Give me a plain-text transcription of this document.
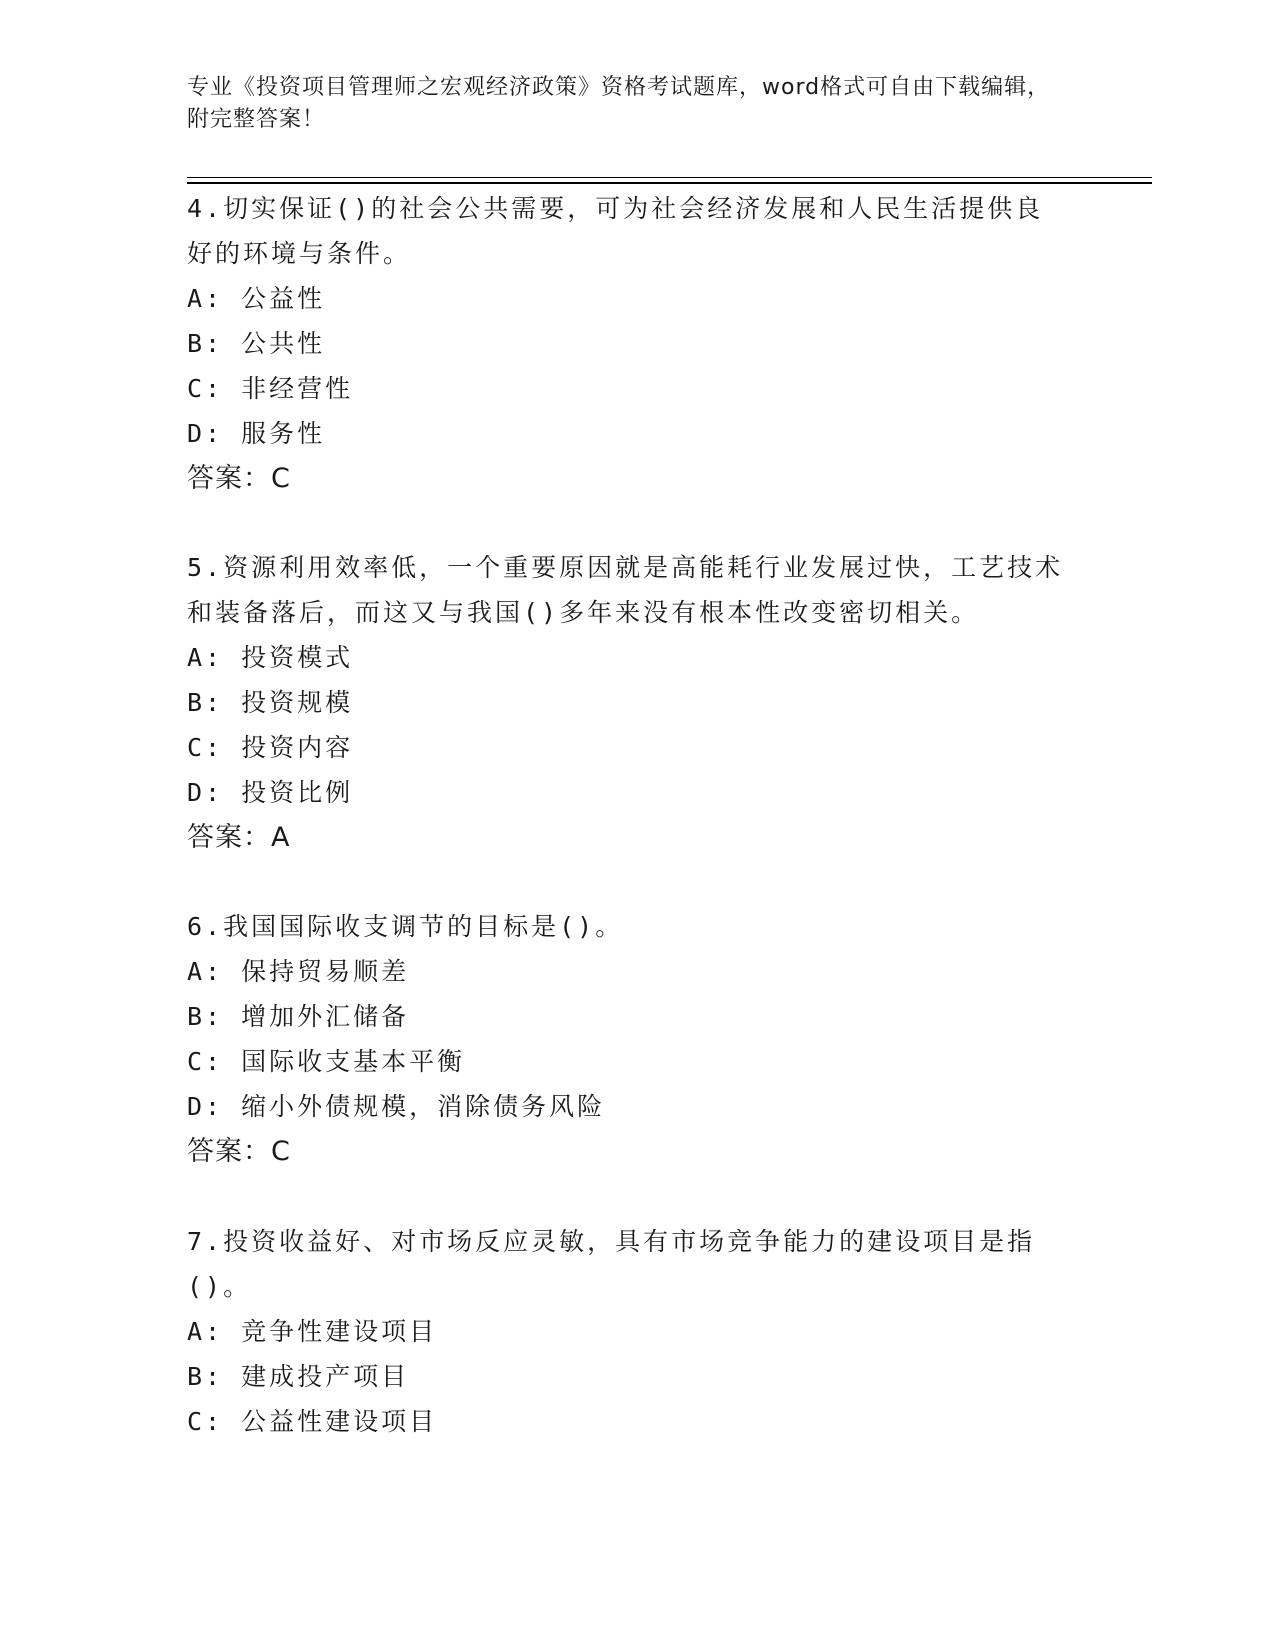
专业《投资项目管理师之宏观经济政策》资格考试题库，word格式可自由下载编辑，附完整答案！

4.切实保证()的社会公共需要，可为社会经济发展和人民生活提供良好的环境与条件。

A: 公益性

B: 公共性

C: 非经营性

D: 服务性

答案：C

5.资源利用效率低，一个重要原因就是高能耗行业发展过快，工艺技术和装备落后，而这又与我国()多年来没有根本性改变密切相关。

A: 投资模式

B: 投资规模

C: 投资内容

D: 投资比例

答案：A

6.我国国际收支调节的目标是()。

A: 保持贸易顺差

B: 增加外汇储备

C: 国际收支基本平衡

D: 缩小外债规模，消除债务风险

答案：C

7.投资收益好、对市场反应灵敏，具有市场竞争能力的建设项目是指()。

A: 竞争性建设项目

B: 建成投产项目

C: 公益性建设项目
